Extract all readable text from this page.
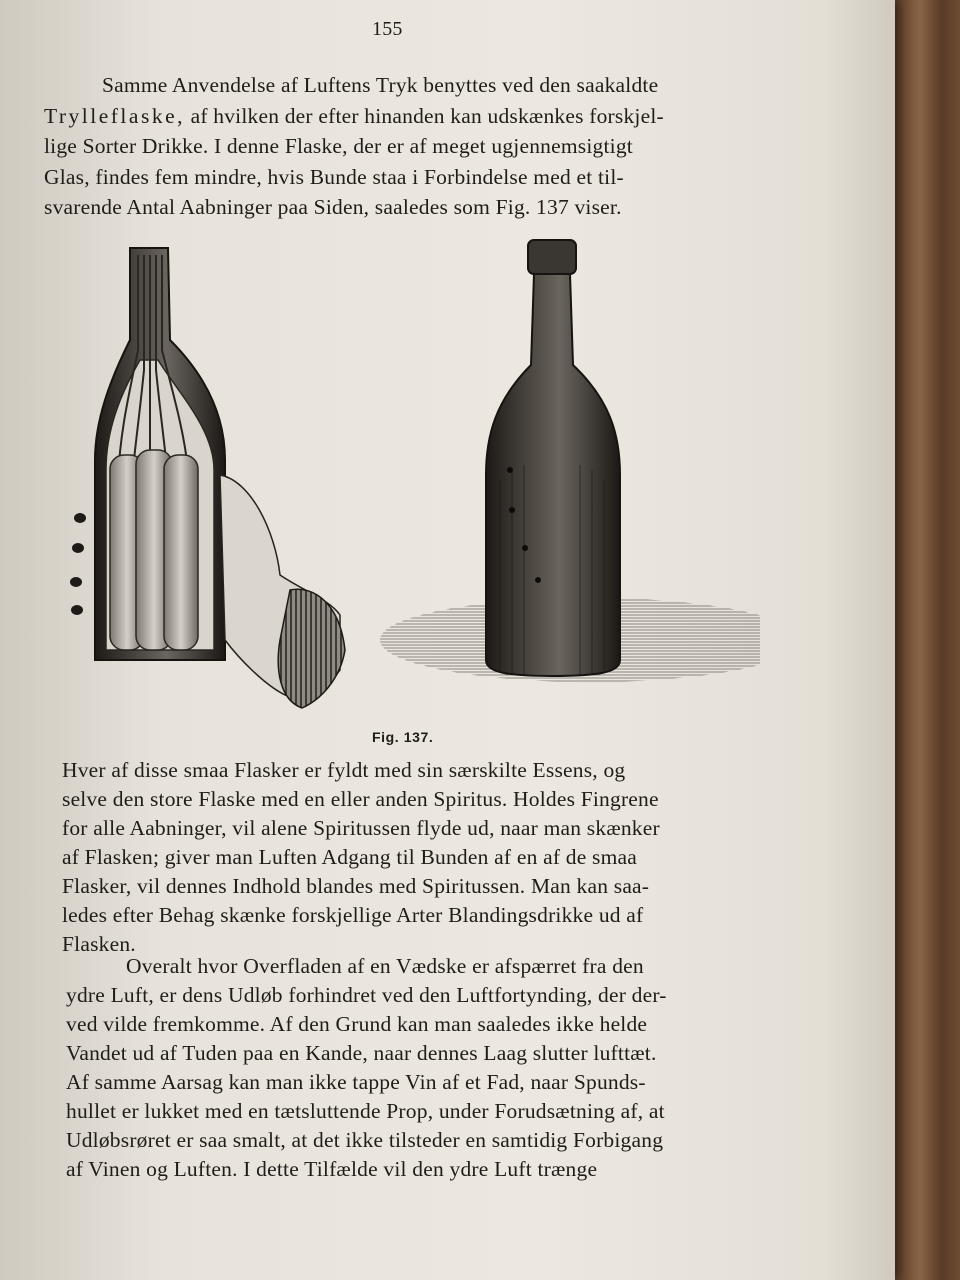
155
Samme Anvendelse af Luftens Tryk benyttes ved den saakaldte
Trylleflaske, af hvilken der efter hinanden kan udskænkes forskjel-
lige Sorter Drikke. I denne Flaske, der er af meget ugjennemsigtigt
Glas, findes fem mindre, hvis Bunde staa i Forbindelse med et til-
svarende Antal Aabninger paa Siden, saaledes som Fig. 137 viser.
Fig. 137.
Hver af disse smaa Flasker er fyldt med sin særskilte Essens, og
selve den store Flaske med en eller anden Spiritus. Holdes Fingrene
for alle Aabninger, vil alene Spiritussen flyde ud, naar man skænker
af Flasken; giver man Luften Adgang til Bunden af en af de smaa
Flasker, vil dennes Indhold blandes med Spiritussen. Man kan saa-
ledes efter Behag skænke forskjellige Arter Blandingsdrikke ud af
Flasken.
Overalt hvor Overfladen af en Vædske er afspærret fra den
ydre Luft, er dens Udløb forhindret ved den Luftfortynding, der der-
ved vilde fremkomme. Af den Grund kan man saaledes ikke helde
Vandet ud af Tuden paa en Kande, naar dennes Laag slutter lufttæt.
Af samme Aarsag kan man ikke tappe Vin af et Fad, naar Spunds-
hullet er lukket med en tætsluttende Prop, under Forudsætning af, at
Udløbsrøret er saa smalt, at det ikke tilsteder en samtidig Forbigang
af Vinen og Luften. I dette Tilfælde vil den ydre Luft trænge
